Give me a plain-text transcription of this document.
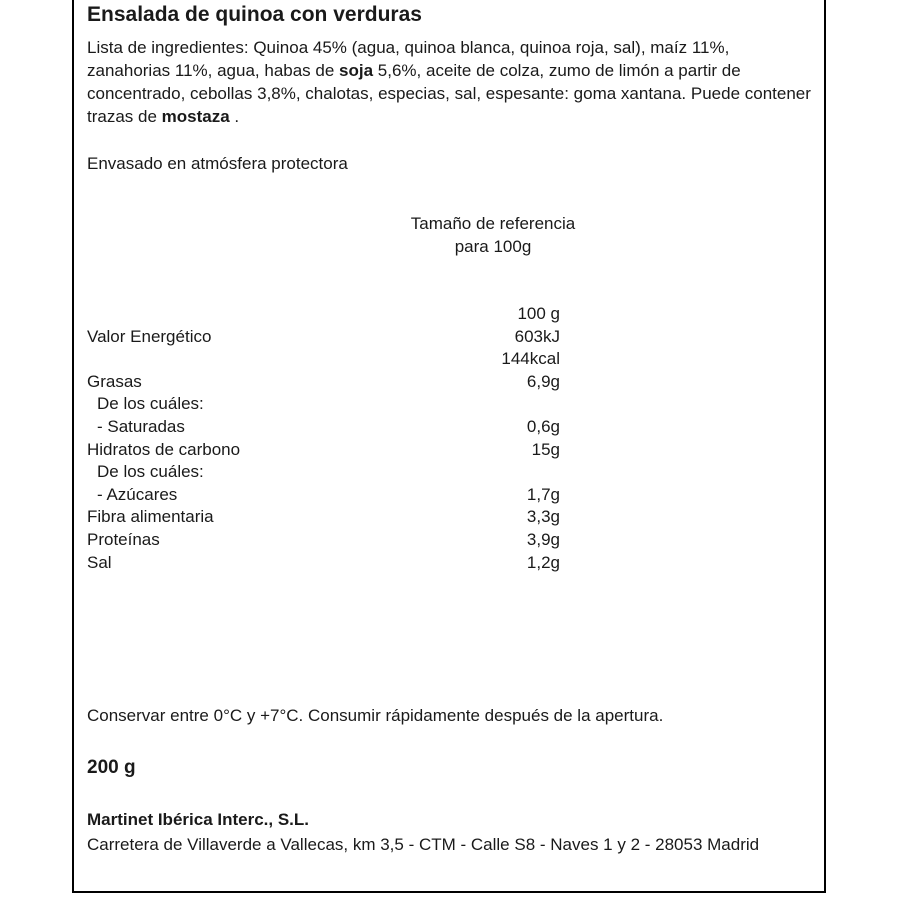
Ensalada de quinoa con verduras
Lista de ingredientes: Quinoa 45% (agua, quinoa blanca, quinoa roja, sal), maíz 11%, zanahorias 11%, agua, habas de soja 5,6%, aceite de colza, zumo de limón a partir de concentrado, cebollas 3,8%, chalotas, especias, sal, espesante: goma xantana. Puede contener trazas de mostaza .
Envasado en atmósfera protectora
Tamaño de referencia
para 100g
	100 g
Valor Energético	603kJ
	144kcal
Grasas	6,9g
De los cuáles:	
- Saturadas	0,6g
Hidratos de carbono	15g
De los cuáles:	
- Azúcares	1,7g
Fibra alimentaria	3,3g
Proteínas	3,9g
Sal	1,2g
Conservar entre 0°C y +7°C. Consumir rápidamente después de la apertura.
200 g
Martinet Ibérica Interc., S.L.
Carretera de Villaverde a Vallecas, km 3,5 - CTM - Calle S8 - Naves 1 y 2 - 28053 Madrid
